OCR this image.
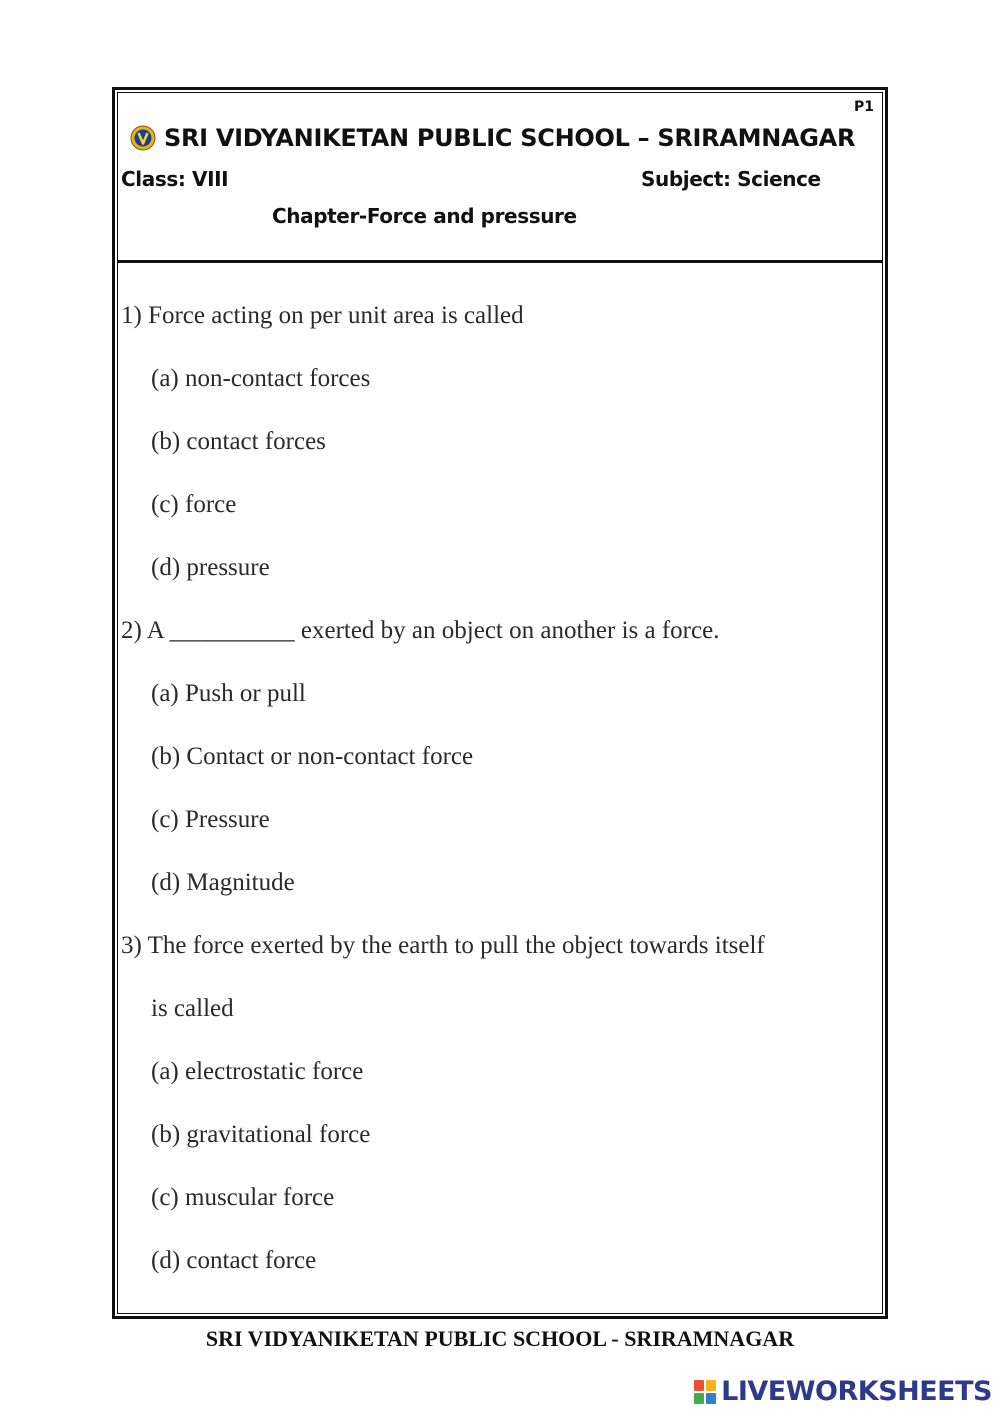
P1
SRI VIDYANIKETAN PUBLIC SCHOOL – SRIRAMNAGAR
Class: VIII	Subject: Science
Chapter-Force and pressure
1) Force acting on per unit area is called
(a) non-contact forces
(b) contact forces
(c) force
(d) pressure
2) A __________ exerted by an object on another is a force.
(a) Push or pull
(b) Contact or non-contact force
(c) Pressure
(d) Magnitude
3) The force exerted by the earth to pull the object towards itself
is called
(a) electrostatic force
(b) gravitational force
(c) muscular force
(d) contact force
SRI VIDYANIKETAN PUBLIC SCHOOL - SRIRAMNAGAR
LIVEWORKSHEETS
